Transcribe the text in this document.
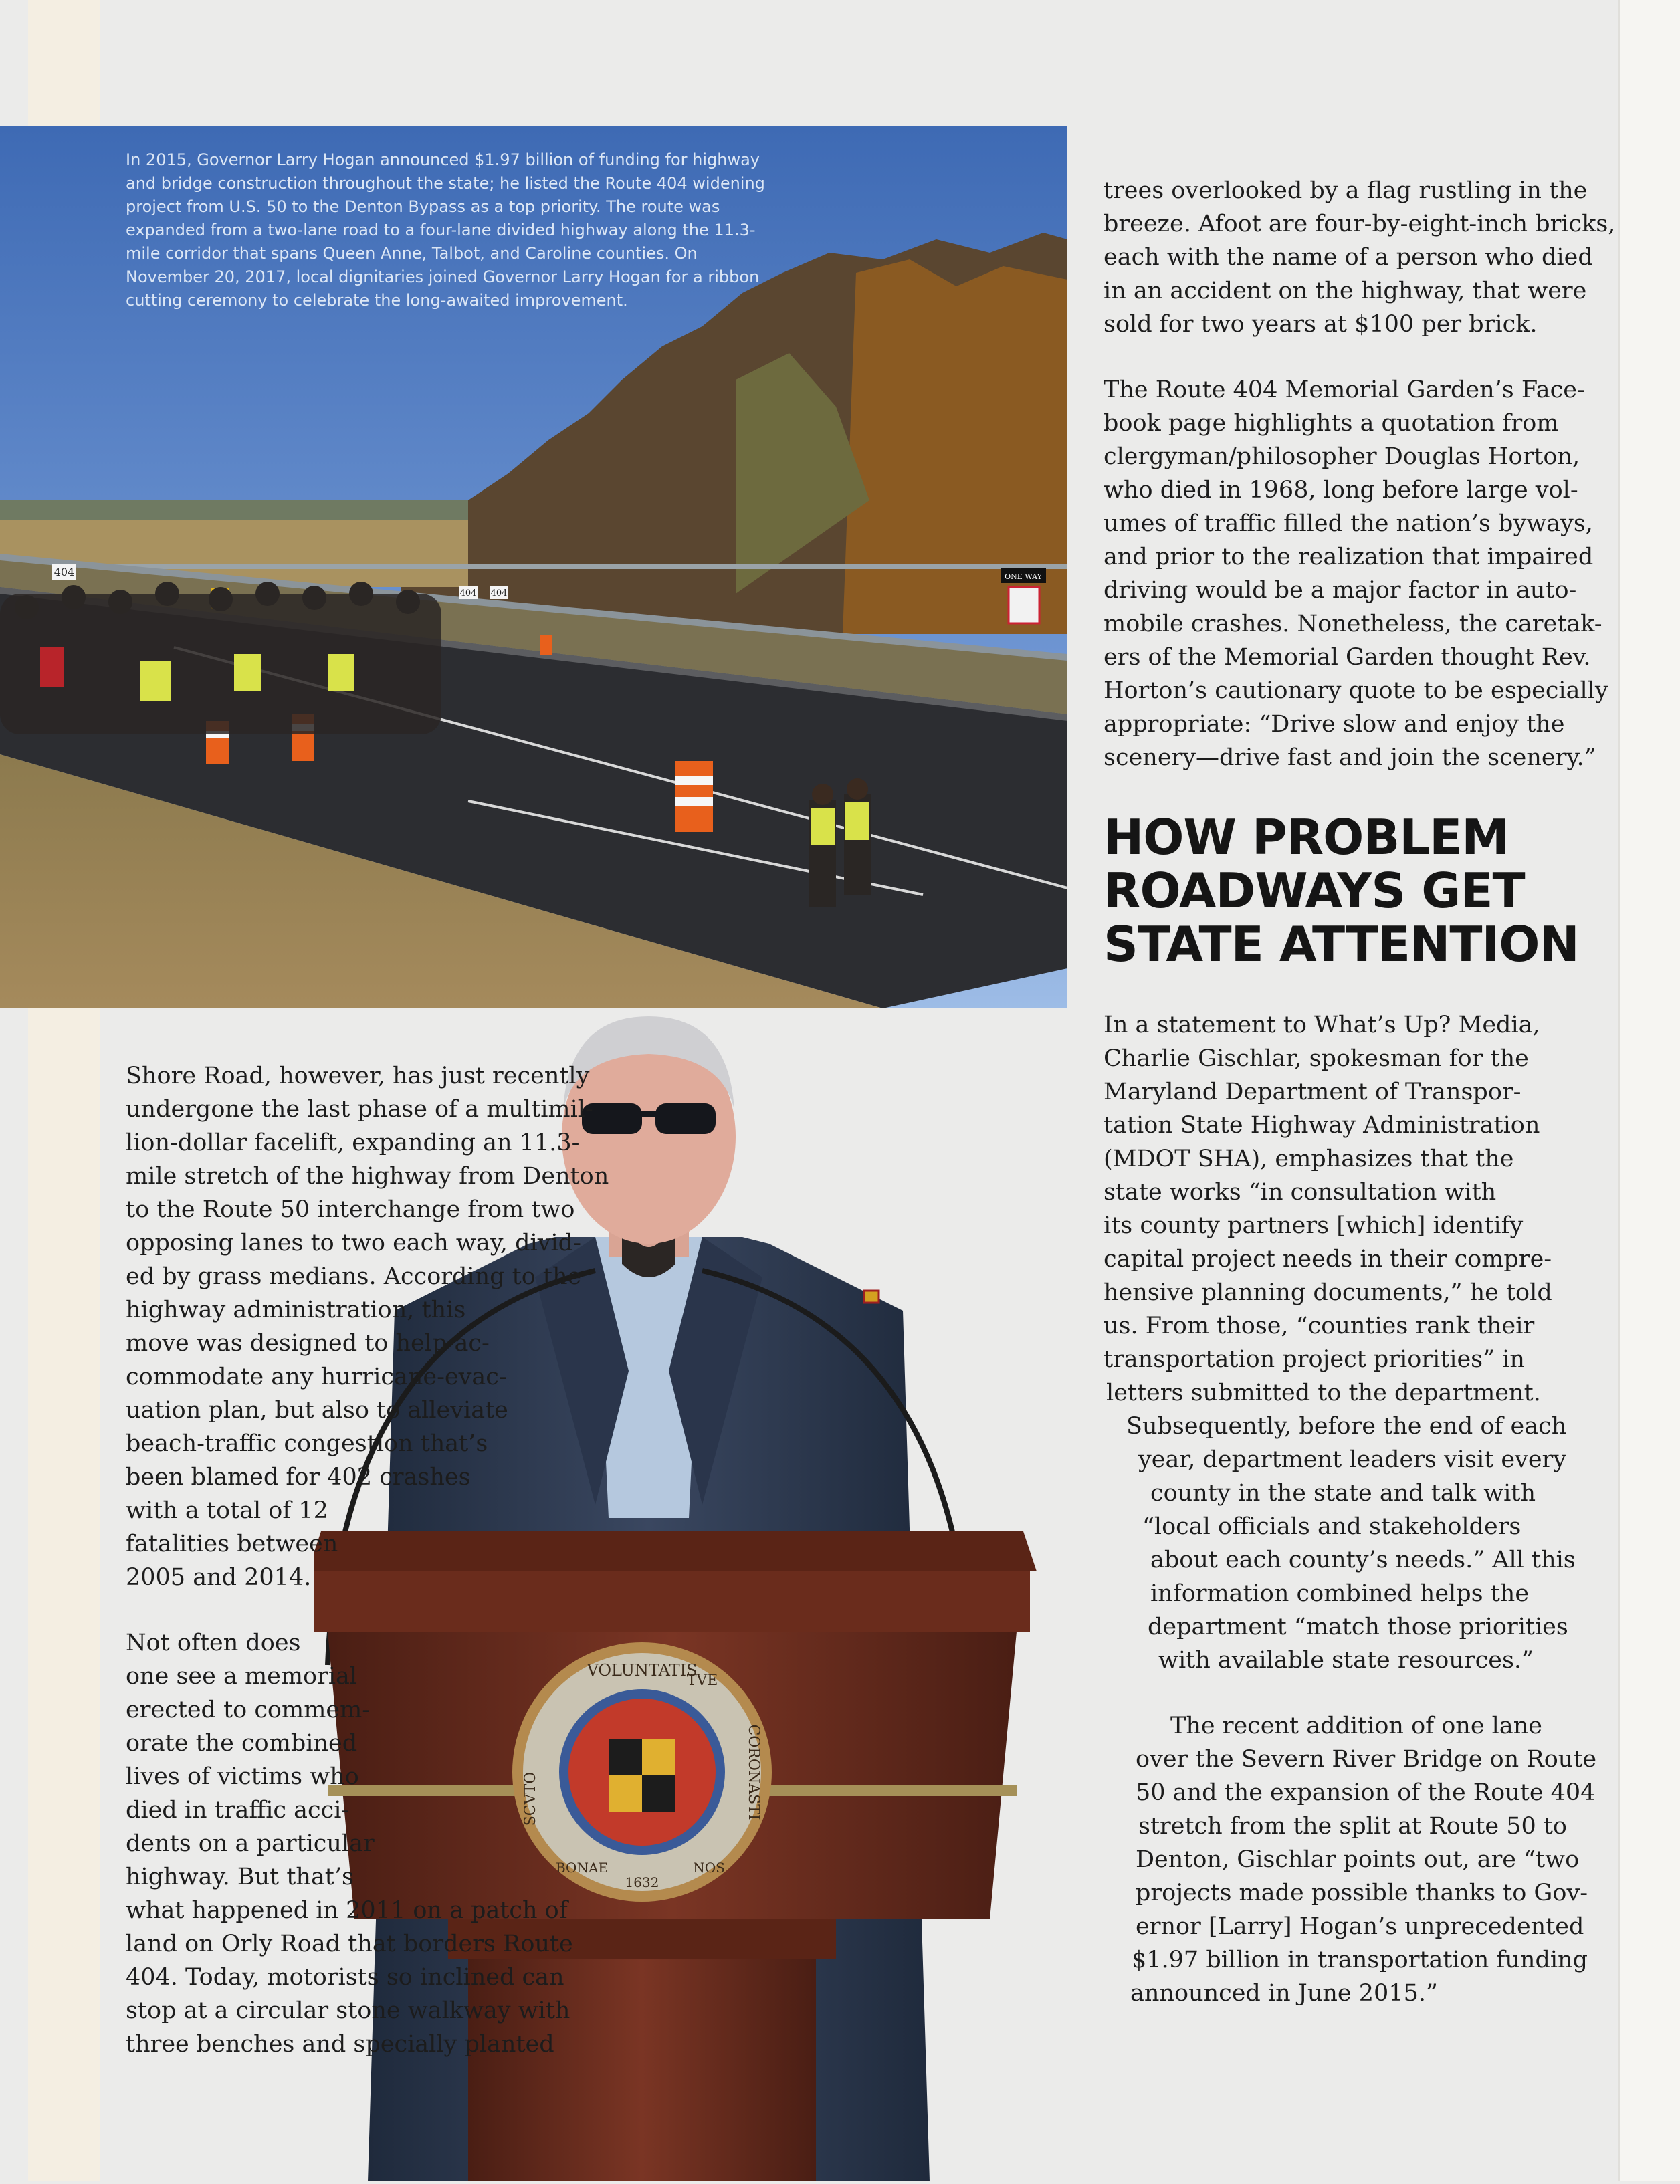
404
404 404
ONE WAY

In 2015, Governor Larry Hogan announced $1.97 billion of funding for highway and bridge construction throughout the state; he listed the Route 404 widening project from U.S. 50 to the Denton Bypass as a top priority. The route was expanded from a two-lane road to a four-lane divided highway along the 11.3-mile corridor that spans Queen Anne, Talbot, and Caroline counties. On November 20, 2017, local dignitaries joined Governor Larry Hogan for a ribbon cutting ceremony to celebrate the long-awaited improvement.

VOLUNTATIS
TVE
CORONASTI
SCVTO
BONAE	NOS
1632

Shore Road, however, has just recently
undergone the last phase of a multimil-
lion-dollar facelift, expanding an 11.3-
mile stretch of the highway from Denton
to the Route 50 interchange from two
opposing lanes to two each way, divid-
ed by grass medians. According to the
highway administration, this
move was designed to help ac-
commodate any hurricane-evac-
uation plan, but also to alleviate
beach-traffic congestion that’s
been blamed for 402 crashes
with a total of 12
fatalities between
2005 and 2014.

Not often does
one see a memorial
erected to commem-
orate the combined
lives of victims who
died in traffic acci-
dents on a particular
highway. But that’s
what happened in 2011 on a patch of
land on Orly Road that borders Route
404. Today, motorists so inclined can
stop at a circular stone walkway with
three benches and specially planted

trees overlooked by a flag rustling in the
breeze. Afoot are four-by-eight-inch bricks,
each with the name of a person who died
in an accident on the highway, that were
sold for two years at $100 per brick.

The Route 404 Memorial Garden’s Face-
book page highlights a quotation from
clergyman/philosopher Douglas Horton,
who died in 1968, long before large vol-
umes of traffic filled the nation’s byways,
and prior to the realization that impaired
driving would be a major factor in auto-
mobile crashes. Nonetheless, the caretak-
ers of the Memorial Garden thought Rev.
Horton’s cautionary quote to be especially
appropriate: “Drive slow and enjoy the
scenery—drive fast and join the scenery.”

HOW PROBLEM
ROADWAYS GET
STATE ATTENTION

In a statement to What’s Up? Media,
Charlie Gischlar, spokesman for the
Maryland Department of Transpor-
tation State Highway Administration
(MDOT SHA), emphasizes that the
state works “in consultation with
its county partners [which] identify
capital project needs in their compre-
hensive planning documents,” he told
us. From those, “counties rank their
transportation project priorities” in
letters submitted to the department.
Subsequently, before the end of each
year, department leaders visit every
county in the state and talk with
“local officials and stakeholders
about each county’s needs.” All this
information combined helps the
department “match those priorities
with available state resources.”

The recent addition of one lane
over the Severn River Bridge on Route
50 and the expansion of the Route 404
stretch from the split at Route 50 to
Denton, Gischlar points out, are “two
projects made possible thanks to Gov-
ernor [Larry] Hogan’s unprecedented
$1.97 billion in transportation funding
announced in June 2015.”
